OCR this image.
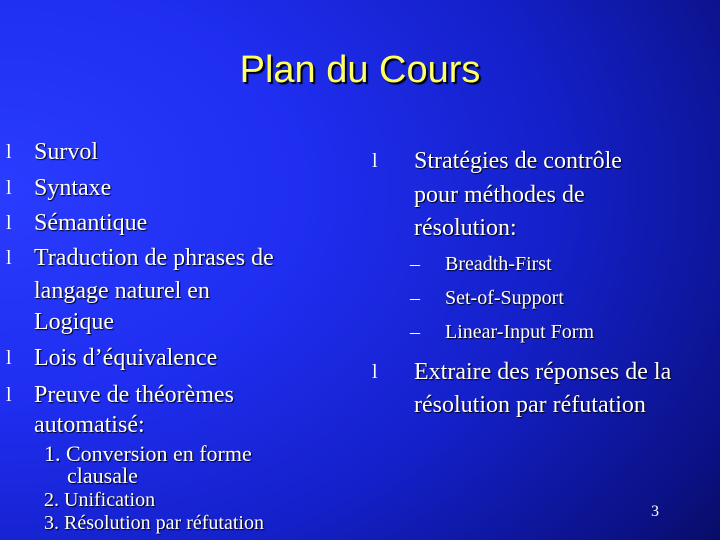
Plan du Cours
l Survol
l Syntaxe
l Sémantique
l Traduction de phrases de
langage naturel en
Logique
l Lois d’équivalence
l Preuve de théorèmes
automatisé:
1. Conversion en forme
clausale
2. Unification
3. Résolution par réfutation
l Stratégies de contrôle
pour méthodes de
résolution:
– Breadth-First
– Set-of-Support
– Linear-Input Form
l Extraire des réponses de la
résolution par réfutation
3
